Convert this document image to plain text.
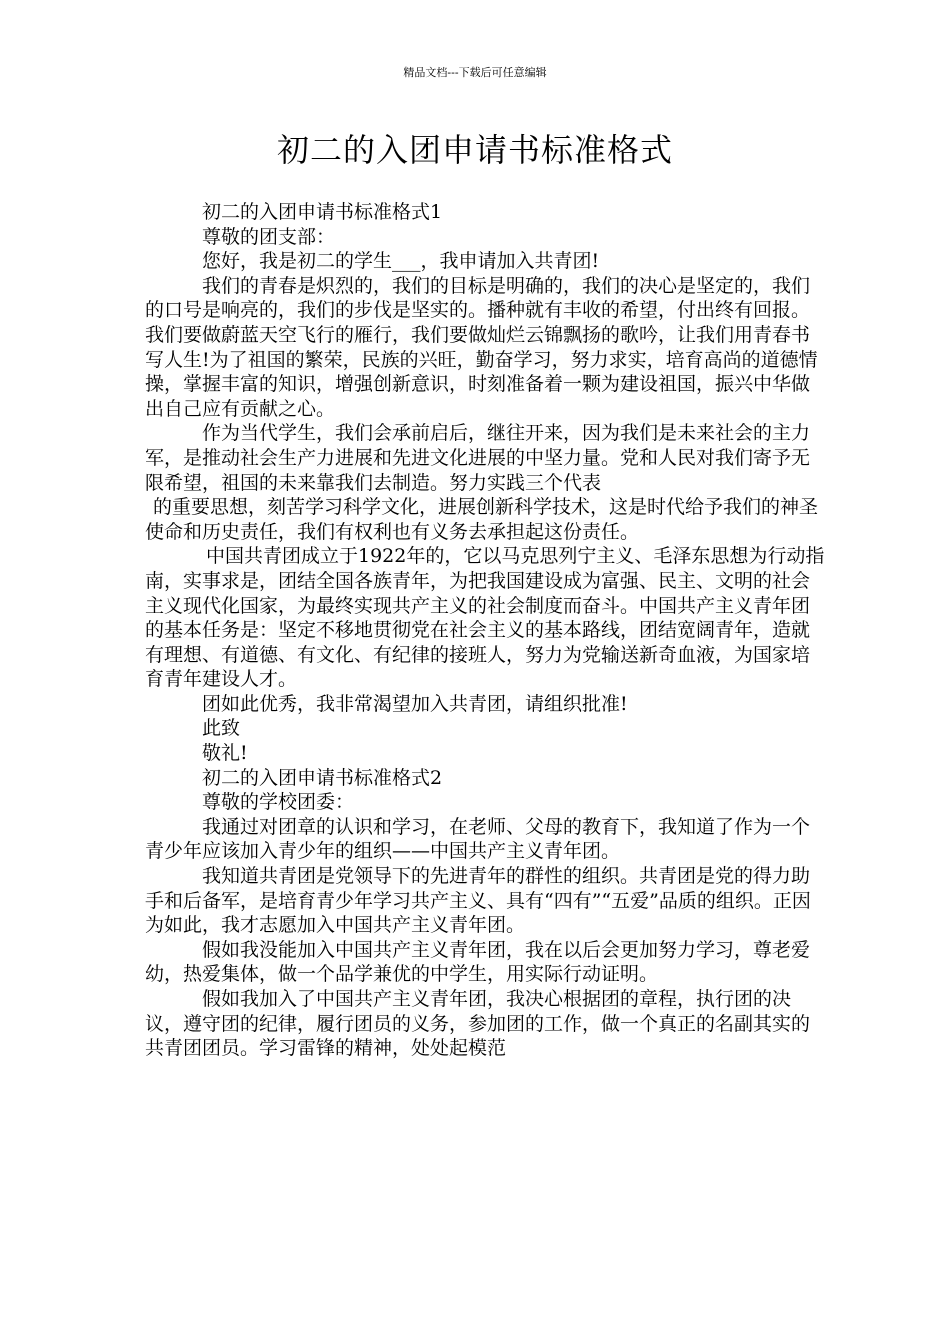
精品文档---下载后可任意编辑
初二的入团申请书标准格式

初二的入团申请书标准格式1

尊敬的团支部：

您好，我是初二的学生___，我申请加入共青团!

我们的青春是炽烈的，我们的目标是明确的，我们的决心是坚定的，我们的口号是响亮的，我们的步伐是坚实的。播种就有丰收的希望，付出终有回报。我们要做蔚蓝天空飞行的雁行，我们要做灿烂云锦飘扬的歌吟，让我们用青春书写人生!为了祖国的繁荣，民族的兴旺，勤奋学习，努力求实，培育高尚的道德情操，掌握丰富的知识，增强创新意识，时刻准备着一颗为建设祖国，振兴中华做出自己应有贡献之心。

作为当代学生，我们会承前启后，继往开来，因为我们是未来社会的主力军，是推动社会生产力进展和先进文化进展的中坚力量。党和人民对我们寄予无限希望，祖国的未来靠我们去制造。努力实践三个代表

的重要思想，刻苦学习科学文化，进展创新科学技术，这是时代给予我们的神圣使命和历史责任，我们有权利也有义务去承担起这份责任。

中国共青团成立于1922年的，它以马克思列宁主义、毛泽东思想为行动指南，实事求是，团结全国各族青年，为把我国建设成为富强、民主、文明的社会主义现代化国家，为最终实现共产主义的社会制度而奋斗。中国共产主义青年团的基本任务是：坚定不移地贯彻党在社会主义的基本路线，团结宽阔青年，造就有理想、有道德、有文化、有纪律的接班人，努力为党输送新奇血液，为国家培育青年建设人才。

团如此优秀，我非常渴望加入共青团，请组织批准!

此致

敬礼!

初二的入团申请书标准格式2

尊敬的学校团委：

我通过对团章的认识和学习，在老师、父母的教育下，我知道了作为一个青少年应该加入青少年的组织——中国共产主义青年团。

我知道共青团是党领导下的先进青年的群性的组织。共青团是党的得力助手和后备军，是培育青少年学习共产主义、具有“四有”“五爱”品质的组织。正因为如此，我才志愿加入中国共产主义青年团。

假如我没能加入中国共产主义青年团，我在以后会更加努力学习，尊老爱幼，热爱集体，做一个品学兼优的中学生，用实际行动证明。

假如我加入了中国共产主义青年团，我决心根据团的章程，执行团的决议，遵守团的纪律，履行团员的义务，参加团的工作，做一个真正的名副其实的共青团团员。学习雷锋的精神，处处起模范
